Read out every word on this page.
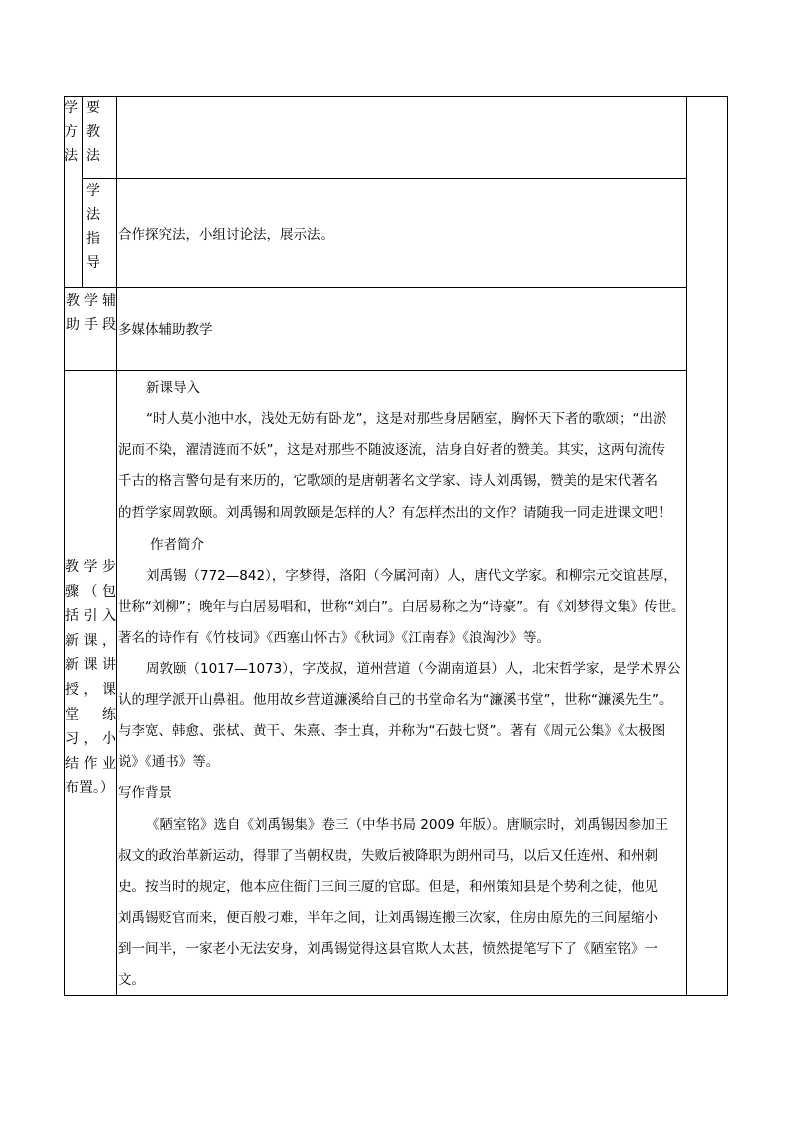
学方法
要教法
学法指导
教学辅助手段
教学步骤（包括引入新课，新课讲授，课堂练习，小结作业布置。）
合作探究法，小组讨论法，展示法。
多媒体辅助教学
新课导入
“时人莫小池中水，浅处无妨有卧龙”，这是对那些身居陋室，胸怀天下者的歌颂；“出淤
泥而不染，濯清涟而不妖”，这是对那些不随波逐流，洁身自好者的赞美。其实，这两句流传
千古的格言警句是有来历的，它歌颂的是唐朝著名文学家、诗人刘禹锡，赞美的是宋代著名
的哲学家周敦颐。刘禹锡和周敦颐是怎样的人？有怎样杰出的文作？请随我一同走进课文吧！
作者简介
刘禹锡（772—842），字梦得，洛阳（今属河南）人，唐代文学家。和柳宗元交谊甚厚，
世称“刘柳”；晚年与白居易唱和，世称“刘白”。白居易称之为“诗豪”。有《刘梦得文集》传世。
著名的诗作有《竹枝词》《西塞山怀古》《秋词》《江南春》《浪淘沙》等。
周敦颐（1017—1073），字茂叔，道州营道（今湖南道县）人，北宋哲学家，是学术界公
认的理学派开山鼻祖。他用故乡营道濂溪给自己的书堂命名为“濂溪书堂”，世称“濂溪先生”。
与李宽、韩愈、张栻、黄干、朱熹、李士真，并称为“石鼓七贤”。著有《周元公集》《太极图
说》《通书》等。
写作背景
《陋室铭》选自《刘禹锡集》卷三（中华书局 2009 年版）。唐顺宗时，刘禹锡因参加王
叔文的政治革新运动，得罪了当朝权贵，失败后被降职为朗州司马，以后又任连州、和州刺
史。按当时的规定，他本应住衙门三间三厦的官邸。但是，和州策知县是个势利之徒，他见
刘禹锡贬官而来，便百般刁难，半年之间，让刘禹锡连搬三次家，住房由原先的三间屋缩小
到一间半，一家老小无法安身，刘禹锡觉得这县官欺人太甚，愤然提笔写下了《陋室铭》一
文。
